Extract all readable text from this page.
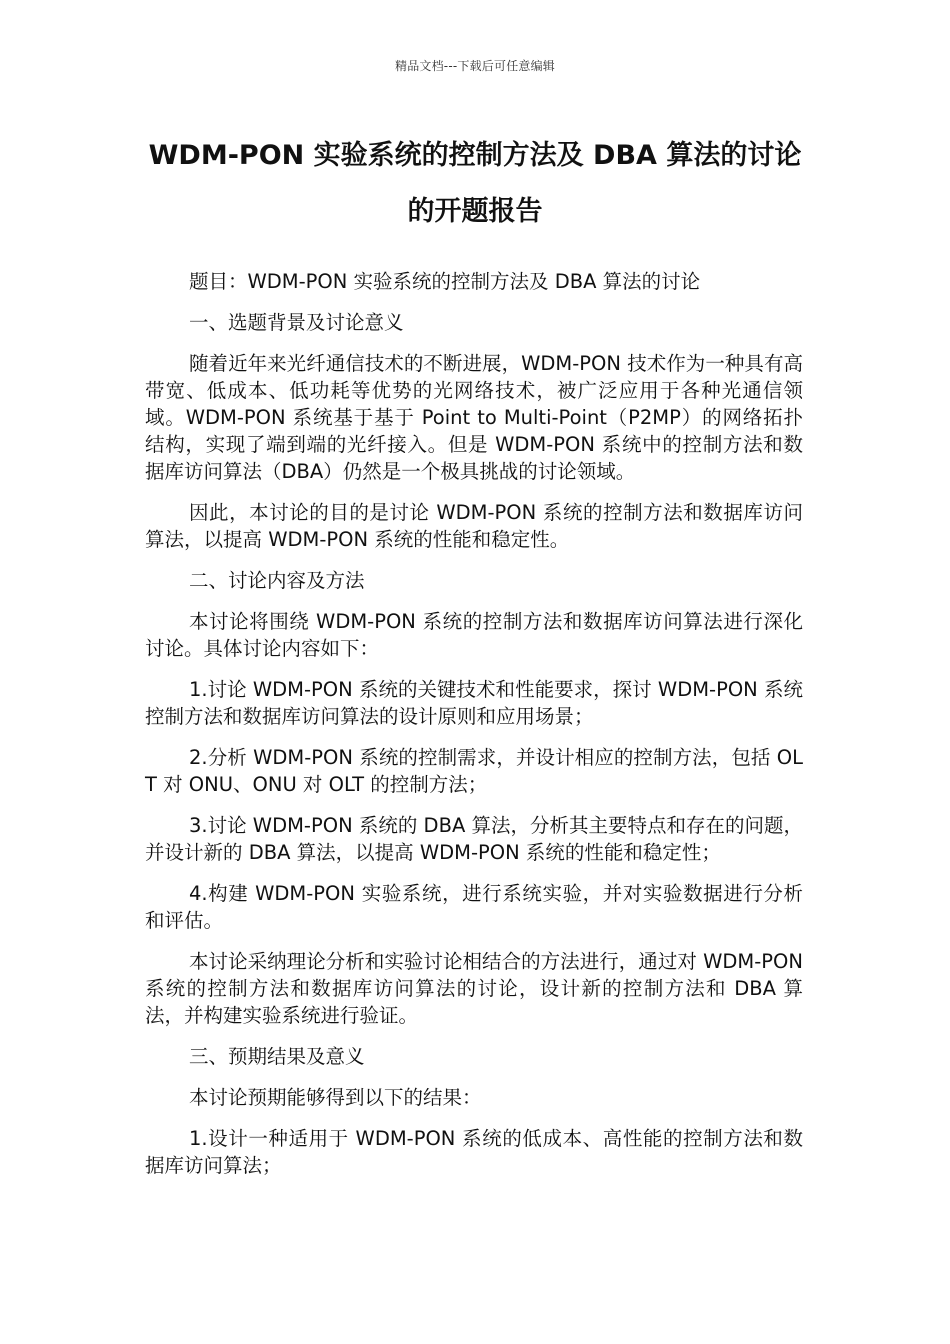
精品文档---下载后可任意编辑
WDM-PON 实验系统的控制方法及 DBA 算法的讨论
的开题报告

题目：WDM-PON 实验系统的控制方法及 DBA 算法的讨论

一、选题背景及讨论意义

随着近年来光纤通信技术的不断进展，WDM-PON 技术作为一种具有高带宽、低成本、低功耗等优势的光网络技术，被广泛应用于各种光通信领域。WDM-PON 系统基于基于 Point to Multi-Point（P2MP）的网络拓扑结构，实现了端到端的光纤接入。但是 WDM-PON 系统中的控制方法和数据库访问算法（DBA）仍然是一个极具挑战的讨论领域。

因此，本讨论的目的是讨论 WDM-PON 系统的控制方法和数据库访问算法，以提高 WDM-PON 系统的性能和稳定性。

二、讨论内容及方法

本讨论将围绕 WDM-PON 系统的控制方法和数据库访问算法进行深化讨论。具体讨论内容如下：

1.讨论 WDM-PON 系统的关键技术和性能要求，探讨 WDM-PON 系统控制方法和数据库访问算法的设计原则和应用场景；

2.分析 WDM-PON 系统的控制需求，并设计相应的控制方法，包括 OLT 对 ONU、ONU 对 OLT 的控制方法；

3.讨论 WDM-PON 系统的 DBA 算法，分析其主要特点和存在的问题，并设计新的 DBA 算法，以提高 WDM-PON 系统的性能和稳定性；

4.构建 WDM-PON 实验系统，进行系统实验，并对实验数据进行分析和评估。

本讨论采纳理论分析和实验讨论相结合的方法进行，通过对 WDM-PON 系统的控制方法和数据库访问算法的讨论，设计新的控制方法和 DBA 算法，并构建实验系统进行验证。

三、预期结果及意义

本讨论预期能够得到以下的结果：

1.设计一种适用于 WDM-PON 系统的低成本、高性能的控制方法和数据库访问算法；
